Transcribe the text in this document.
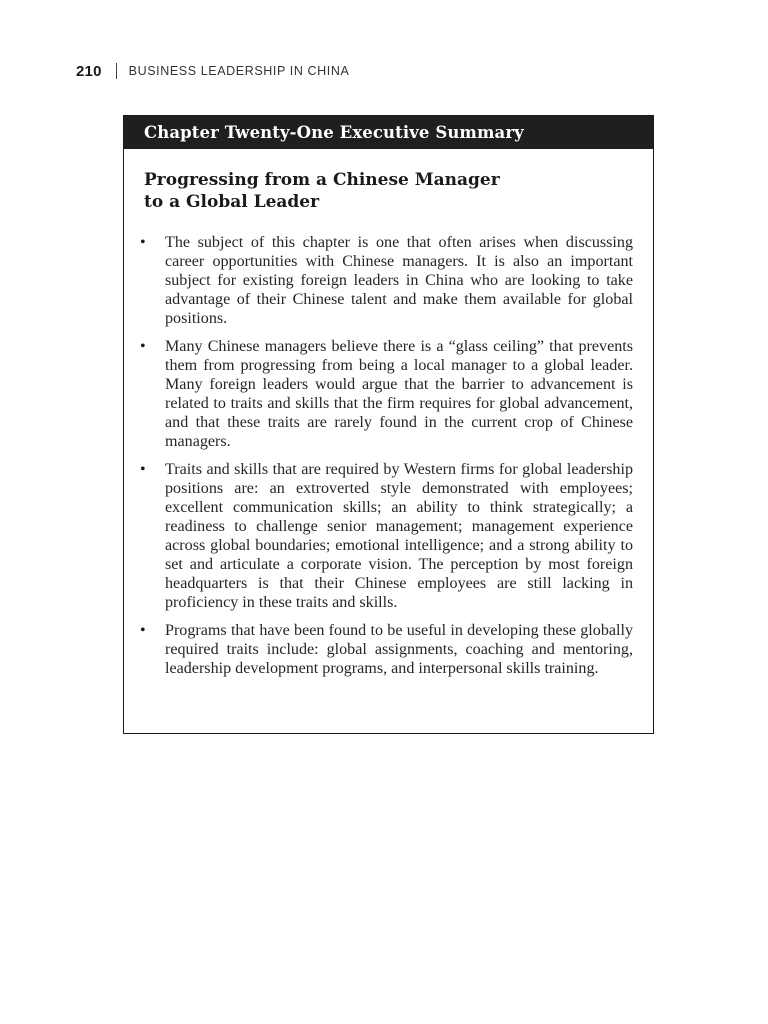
210 BUSINESS LEADERSHIP IN CHINA
Chapter Twenty-One Executive Summary
Progressing from a Chinese Manager to a Global Leader
• The subject of this chapter is one that often arises when discussing career opportunities with Chinese managers. It is also an important subject for existing foreign leaders in China who are looking to take advantage of their Chinese talent and make them available for global positions.
• Many Chinese managers believe there is a “glass ceiling” that prevents them from progressing from being a local manager to a global leader. Many foreign leaders would argue that the barrier to advancement is related to traits and skills that the firm requires for global advancement, and that these traits are rarely found in the current crop of Chinese managers.
• Traits and skills that are required by Western firms for global leadership positions are: an extroverted style demonstrated with employees; excellent communication skills; an ability to think strategically; a readiness to challenge senior management; management experience across global boundaries; emotional intelligence; and a strong ability to set and articulate a corporate vision. The perception by most foreign headquarters is that their Chinese employees are still lacking in proficiency in these traits and skills.
• Programs that have been found to be useful in developing these globally required traits include: global assignments, coaching and mentoring, leadership development programs, and interpersonal skills training.
